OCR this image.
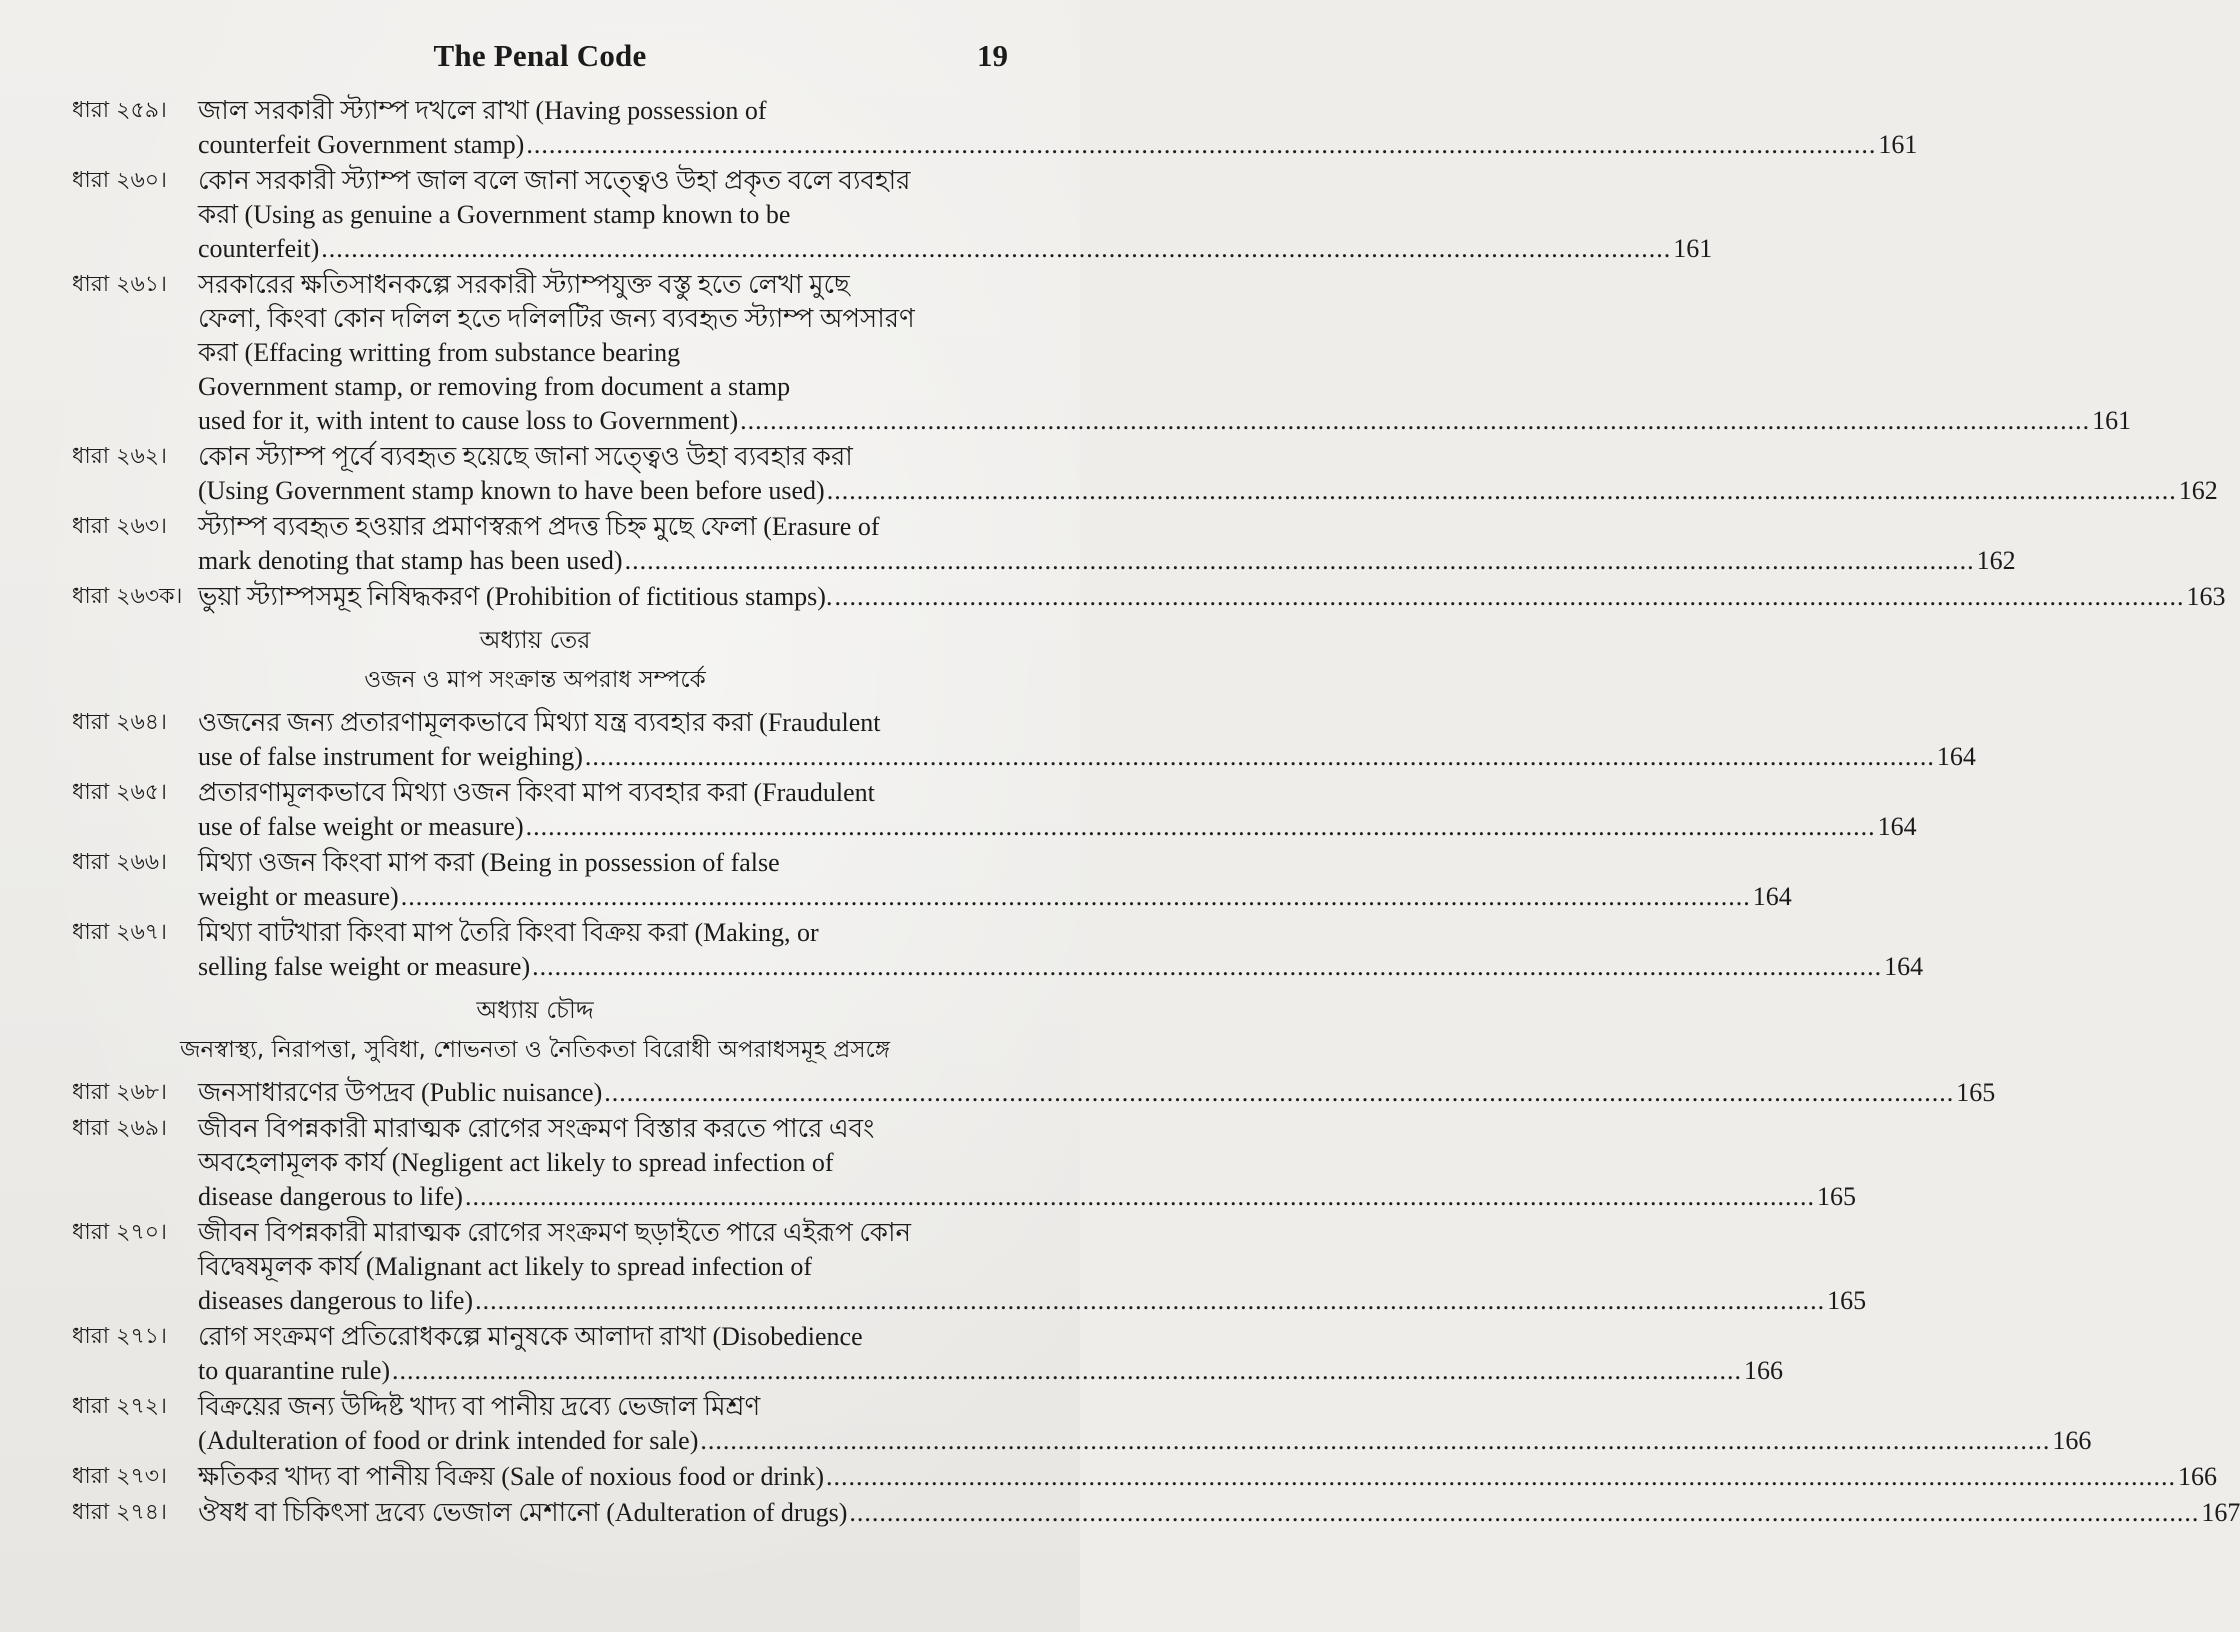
The Penal Code	19
ধারা ২৫৯।	জাল সরকারী স্ট্যাম্প দখলে রাখা (Having possession of
counterfeit Government stamp) .....	161
ধারা ২৬০।	কোন সরকারী স্ট্যাম্প জাল বলে জানা সত্ত্বেও উহা প্রকৃত বলে ব্যবহার
করা (Using as genuine a Government stamp known to be
counterfeit) .....	161
ধারা ২৬১।	সরকারের ক্ষতিসাধনকল্পে সরকারী স্ট্যাম্পযুক্ত বস্তু হতে লেখা মুছে
ফেলা, কিংবা কোন দলিল হতে দলিলটির জন্য ব্যবহৃত স্ট্যাম্প অপসারণ
করা (Effacing writting from substance bearing
Government stamp, or removing from document a stamp
used for it, with intent to cause loss to Government) .....	161
ধারা ২৬২।	কোন স্ট্যাম্প পূর্বে ব্যবহৃত হয়েছে জানা সত্ত্বেও উহা ব্যবহার করা
(Using Government stamp known to have been before used) .....	162
ধারা ২৬৩।	স্ট্যাম্প ব্যবহৃত হওয়ার প্রমাণস্বরূপ প্রদত্ত চিহ্ন মুছে ফেলা (Erasure of
mark denoting that stamp has been used) .....	162
ধারা ২৬৩ক। ভুয়া স্ট্যাম্পসমূহ নিষিদ্ধকরণ (Prohibition of fictitious stamps). .....	163
অধ্যায় তের
ওজন ও মাপ সংক্রান্ত অপরাধ সম্পর্কে
ধারা ২৬৪।	ওজনের জন্য প্রতারণামূলকভাবে মিথ্যা যন্ত্র ব্যবহার করা (Fraudulent
use of false instrument for weighing) .....	164
ধারা ২৬৫।	প্রতারণামূলকভাবে মিথ্যা ওজন কিংবা মাপ ব্যবহার করা (Fraudulent
use of false weight or measure) .....	164
ধারা ২৬৬।	মিথ্যা ওজন কিংবা মাপ করা (Being in possession of false
weight or measure) .....	164
ধারা ২৬৭।	মিথ্যা বাটখারা কিংবা মাপ তৈরি কিংবা বিক্রয় করা (Making, or
selling false weight or measure) .....	164
অধ্যায় চৌদ্দ
জনস্বাস্থ্য, নিরাপত্তা, সুবিধা, শোভনতা ও নৈতিকতা বিরোধী অপরাধসমূহ প্রসঙ্গে
ধারা ২৬৮।	জনসাধারণের উপদ্রব (Public nuisance) .....	165
ধারা ২৬৯।	জীবন বিপন্নকারী মারাত্মক রোগের সংক্রমণ বিস্তার করতে পারে এবং
অবহেলামূলক কার্য (Negligent act likely to spread infection of
disease dangerous to life) .....	165
ধারা ২৭০।	জীবন বিপন্নকারী মারাত্মক রোগের সংক্রমণ ছড়াইতে পারে এইরূপ কোন
বিদ্বেষমূলক কার্য (Malignant act likely to spread infection of
diseases dangerous to life) .....	165
ধারা ২৭১।	রোগ সংক্রমণ প্রতিরোধকল্পে মানুষকে আলাদা রাখা (Disobedience
to quarantine rule) .....	166
ধারা ২৭২।	বিক্রয়ের জন্য উদ্দিষ্ট খাদ্য বা পানীয় দ্রব্যে ভেজাল মিশ্রণ
(Adulteration of food or drink intended for sale) .....	166
ধারা ২৭৩।	ক্ষতিকর খাদ্য বা পানীয় বিক্রয় (Sale of noxious food or drink) .....	166
ধারা ২৭৪।	ঔষধ বা চিকিৎসা দ্রব্যে ভেজাল মেশানো (Adulteration of drugs) .....	167
